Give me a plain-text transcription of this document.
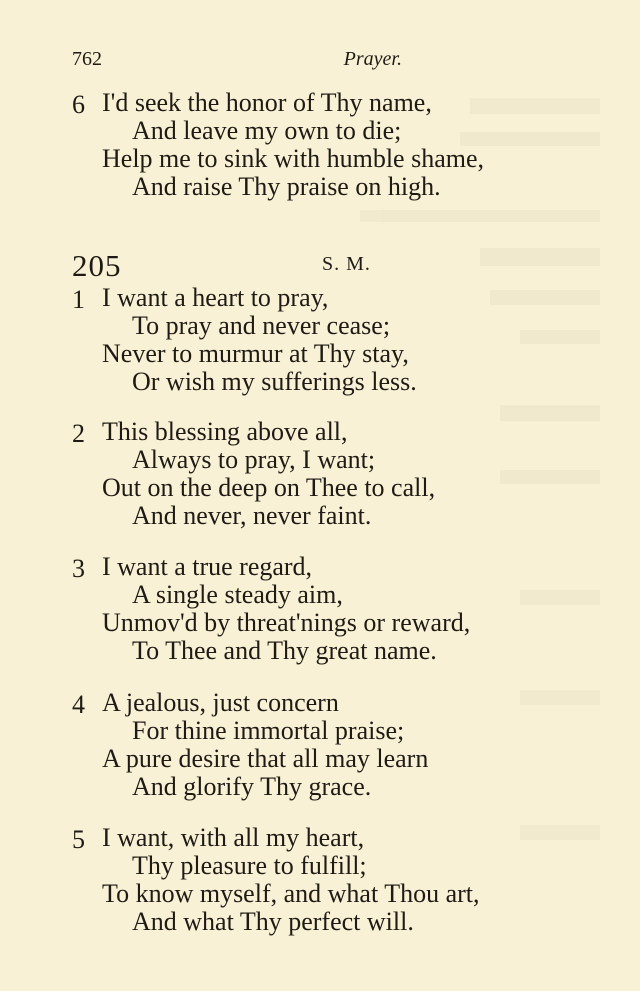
762	Prayer.
6 I'd seek the honor of Thy name,
And leave my own to die;
Help me to sink with humble shame,
And raise Thy praise on high.
205	S. M.
1 I want a heart to pray,
To pray and never cease;
Never to murmur at Thy stay,
Or wish my sufferings less.
2 This blessing above all,
Always to pray, I want;
Out on the deep on Thee to call,
And never, never faint.
3 I want a true regard,
A single steady aim,
Unmov'd by threat'nings or reward,
To Thee and Thy great name.
4 A jealous, just concern
For thine immortal praise;
A pure desire that all may learn
And glorify Thy grace.
5 I want, with all my heart,
Thy pleasure to fulfill;
To know myself, and what Thou art,
And what Thy perfect will.
